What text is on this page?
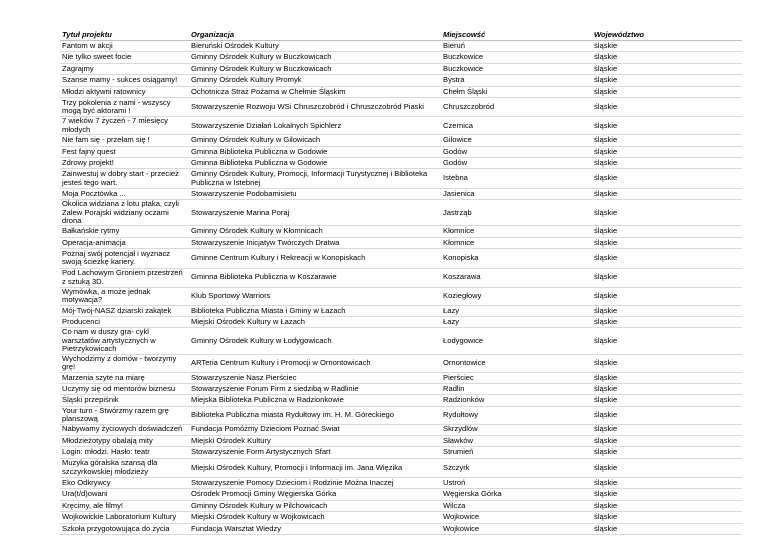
Tytuł projektu	Organizacja	Miejscowść	Województwo
Fantom w akcji	Bieruński Ośrodek Kultury	Bieruń	śląskie
Nie tylko sweet focie	Gminny Ośrodek Kultury w Buczkowicach	Buczkowice	śląskie
Zagrajmy	Gminny Ośrodek Kultury w Buczkowicach	Buczkowice	śląskie
Szanse mamy - sukces osiągamy!	Gminny Ośrodek Kultury Promyk	Bystra	śląskie
Młodzi aktywni ratownicy	Ochotnicza Straż Pożarna w Chełmie Śląskim	Chełm Śląski	śląskie
Trzy pokolenia z nami - wszyscy mogą być aktorami !	Stowarzyszenie Rozwoju WSi Chruszczobród i Chruszczobród Piaski	Chruszczobród	śląskie
7 wieków 7 życzeń - 7 miesięcy młodych	Stowarzyszenie Działań Lokalnych Spichlerz	Czernica	śląskie
Nie fam się - przełam się !	Gminny Ośrodek Kultury w Gilowicach	Gilowice	śląskie
Fest fajny quest	Gminna Biblioteka Publiczna w Godowie	Godów	śląskie
Zdrowy projekt!	Gminna Biblioteka Publiczna w Godowie	Godów	śląskie
Zainwestuj w dobry start - przecież jesteś tego wart.	Gminny Ośrodek Kultury, Promocji, Informacji Turystycznej i Biblioteka Publiczna w Istebnej	Istebna	śląskie
Moja Pocztówka ...	Stowarzyszenie Podobamisietu	Jasienica	śląskie
Okolica widziana z lotu ptaka, czyli Zalew Porajski widziany oczami drona	Stowarzyszenie Marina Poraj	Jastrząb	śląskie
Bałkańskie rytmy	Gminny Ośrodek Kultury w Kłomnicach	Kłomnice	śląskie
Operacja-animacja	Stowarzyszenie Inicjatyw Twórczych Dratwa	Kłomnice	śląskie
Poznaj swój potencjał i wyznacz swoją ścieżkę kariery.	Gminne Centrum Kultury i Rekreacji w Konopiskach	Konopiska	śląskie
Pod Lachowym Groniem przestrzeń z sztuką 3D.	Gminna Biblioteka Publiczna w Koszarawie	Koszarawa	śląskie
Wymówka, a może jednak motywacja?	Klub Sportowy Warriors	Koziegłowy	śląskie
Mój-Twój-NASZ dziarski zakątek	Biblioteka Publiczna Miasta i Gminy w Łazach	Łazy	śląskie
Producenci	Miejski Ośrodek Kultury w Łazach	Łazy	śląskie
Co nam w duszy gra- cykl warsztatów artystycznych w Pietrzykowicach	Gminny Ośrodek Kultury w Łodygowicach	Łodygowice	śląskie
Wychodzimy z domów - tworzymy grę!	ARTeria Centrum Kultury i Promocji w Ornontowicach	Ornontowice	śląskie
Marzenia szyte na miarę	Stowarzyszenie Nasz Pierściec	Pierściec	śląskie
Uczymy się od mentorów biznesu	Stowarzyszenie Forum Firm z siedzibą w Radlinie	Radlin	śląskie
Śląski przepiśnik	Miejska Biblioteka Publiczna w Radzionkowie	Radzionków	śląskie
Your turn - Stwórzmy razem grę planszową	Biblioteka Publiczna miasta Rydułtowy im. H. M. Góreckiego	Rydułtowy	śląskie
Nabywamy życiowych doświadczeń	Fundacja Pomóżmy Dzieciom Poznać Świat	Skrzydlów	śląskie
Młodzieżotypy obalają mity	Miejski Ośrodek Kultury	Sławków	śląskie
Login: młodzi. Hasło: teatr	Stowarzyszenie Form Artystycznych Sfart	Strumień	śląskie
Muzyka góralska szansą dla szczyrkowskiej młodzieży	Miejski Ośrodek Kultury, Promocji i Informacji im. Jana Więzika	Szczyrk	śląskie
Eko Odkrywcy	Stowarzyszenie Pomocy Dzieciom i Rodzinie Można Inaczej	Ustroń	śląskie
Ura(t/d)owani	Ośrodek Promocji Gminy Węgierska Górka	Węgierska Górka	śląskie
Kręcimy, ale filmy!	Gminny Ośrodek Kultury w Pilchowicach	Wilcza	śląskie
Wojkowickie Laboratorium Kultury	Miejski Ośrodek Kultury w Wojkowicach	Wojkowice	śląskie
Szkoła przygotowująca do życia	Fundacja Warsztat Wiedzy	Wojkowice	śląskie
